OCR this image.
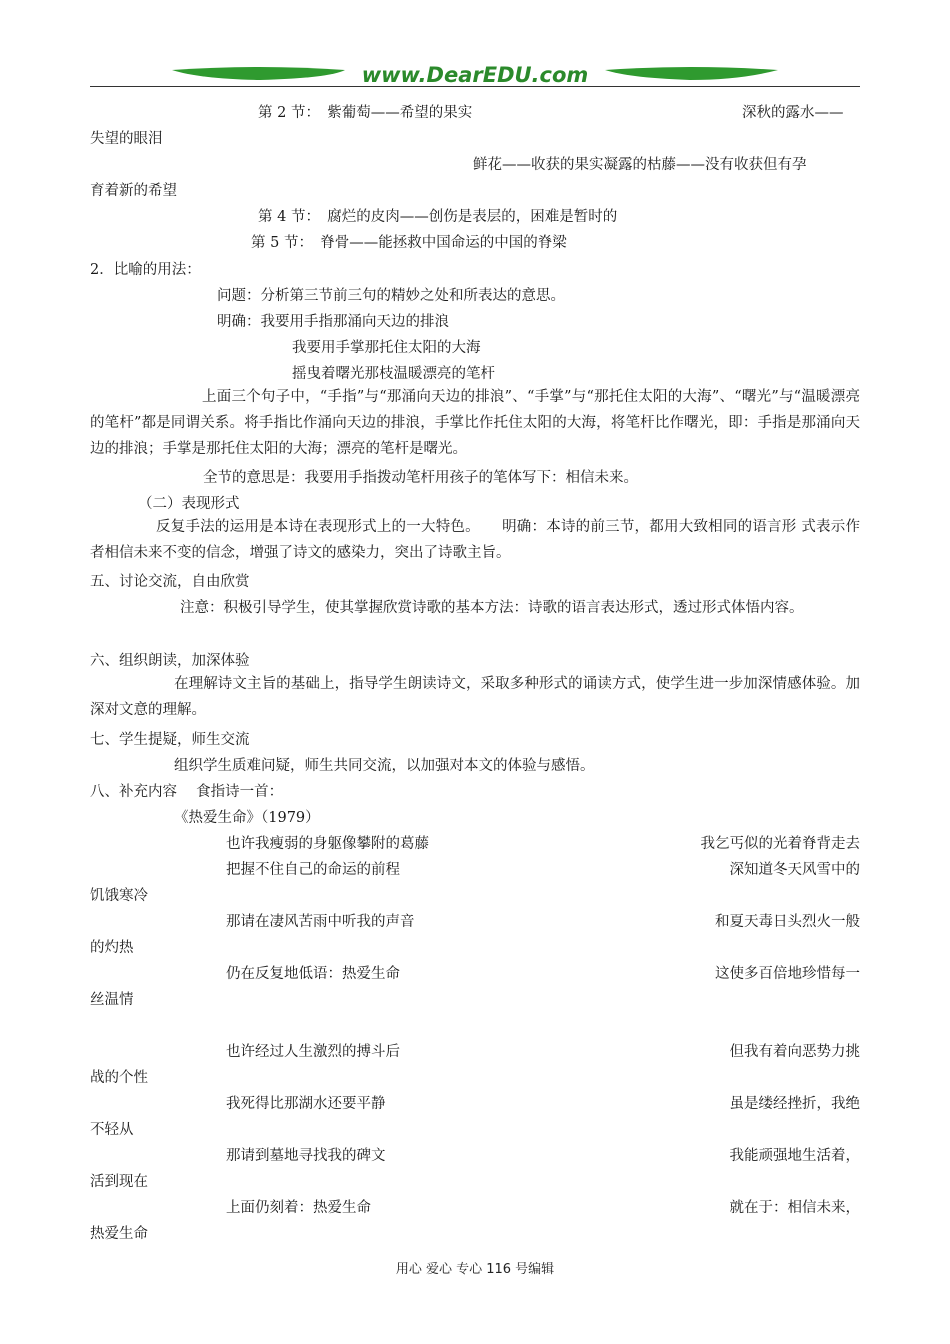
www.DearEDU.com
第 2 节：　紫葡萄——希望的果实	深秋的露水——
失望的眼泪
鲜花——收获的果实凝露的枯藤——没有收获但有孕
育着新的希望
第 4 节：　腐烂的皮肉——创伤是表层的，困难是暂时的
第 5 节：　脊骨——能拯救中国命运的中国的脊梁
2．比喻的用法：
问题：分析第三节前三句的精妙之处和所表达的意思。
明确：我要用手指那涌向天边的排浪
我要用手掌那托住太阳的大海
摇曳着曙光那枝温暖漂亮的笔杆
上面三个句子中，“手指”与“那涌向天边的排浪”、“手掌”与“那托住太阳的大海”、“曙光”与“温暖漂亮的笔杆”都是同谓关系。将手指比作涌向天边的排浪，手掌比作托住太阳的大海，将笔杆比作曙光，即：手指是那涌向天边的排浪；手掌是那托住太阳的大海；漂亮的笔杆是曙光。
全节的意思是：我要用手指拨动笔杆用孩子的笔体写下：相信未来。
（二）表现形式
反复手法的运用是本诗在表现形式上的一大特色。　　明确：本诗的前三节，都用大致相同的语言形 式表示作者相信未来不变的信念，增强了诗文的感染力，突出了诗歌主旨。
五、讨论交流，自由欣赏
注意：积极引导学生，使其掌握欣赏诗歌的基本方法：诗歌的语言表达形式，透过形式体悟内容。
六、组织朗读，加深体验
在理解诗文主旨的基础上，指导学生朗读诗文，采取多种形式的诵读方式，使学生进一步加深情感体验。加深对文意的理解。
七、学生提疑，师生交流
组织学生质难问疑，师生共同交流，以加强对本文的体验与感悟。
八、补充内容　 食指诗一首：
《热爱生命》（1979）
也许我瘦弱的身躯像攀附的葛藤	我乞丐似的光着脊背走去
把握不住自己的命运的前程	深知道冬天风雪中的
饥饿寒冷
那请在凄风苦雨中听我的声音	和夏天毒日头烈火一般
的灼热
仍在反复地低语：热爱生命	这使多百倍地珍惜每一
丝温情
也许经过人生激烈的搏斗后	但我有着向恶势力挑
战的个性
我死得比那湖水还要平静	虽是缕经挫折，我绝
不轻从
那请到墓地寻找我的碑文	我能顽强地生活着，
活到现在
上面仍刻着：热爱生命	就在于：相信未来，
热爱生命
用心 爱心 专心 116 号编辑
